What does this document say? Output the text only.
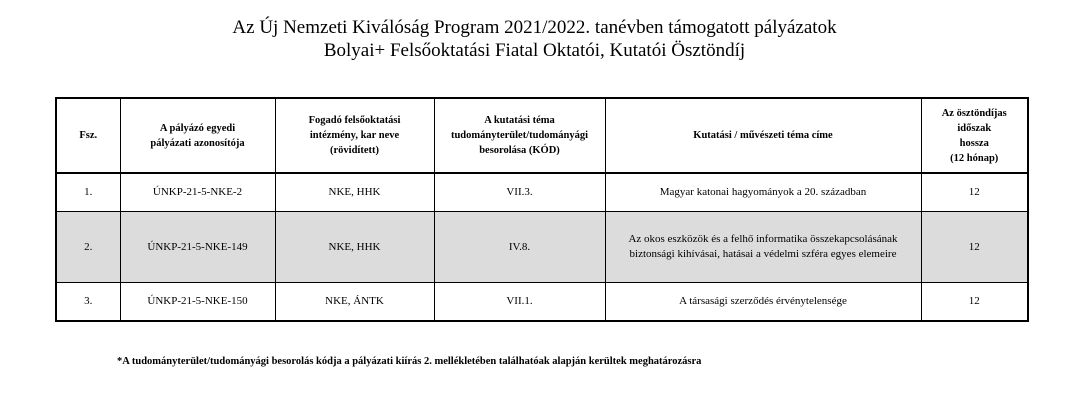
Az Új Nemzeti Kiválóság Program 2021/2022. tanévben támogatott pályázatok
Bolyai+ Felsőoktatási Fiatal Oktatói, Kutatói Ösztöndíj
Fsz.	A pályázó egyedi
pályázati azonosítója	Fogadó felsőoktatási
intézmény, kar neve
(rövidített)	A kutatási téma
tudományterület/tudományági
besorolása (KÓD)	Kutatási / művészeti téma címe	Az ösztöndíjas időszak
hossza
(12 hónap)
1.	ÚNKP-21-5-NKE-2	NKE, HHK	VII.3.	Magyar katonai hagyományok a 20. században	12
2.	ÚNKP-21-5-NKE-149	NKE, HHK	IV.8.	Az okos eszközök és a felhő informatika összekapcsolásának
biztonsági kihívásai, hatásai a védelmi szféra egyes elemeire	12
3.	ÚNKP-21-5-NKE-150	NKE, ÁNTK	VII.1.	A társasági szerződés érvénytelensége	12
*A tudományterület/tudományági besorolás kódja a pályázati kiírás 2. mellékletében találhatóak alapján kerültek meghatározásra
